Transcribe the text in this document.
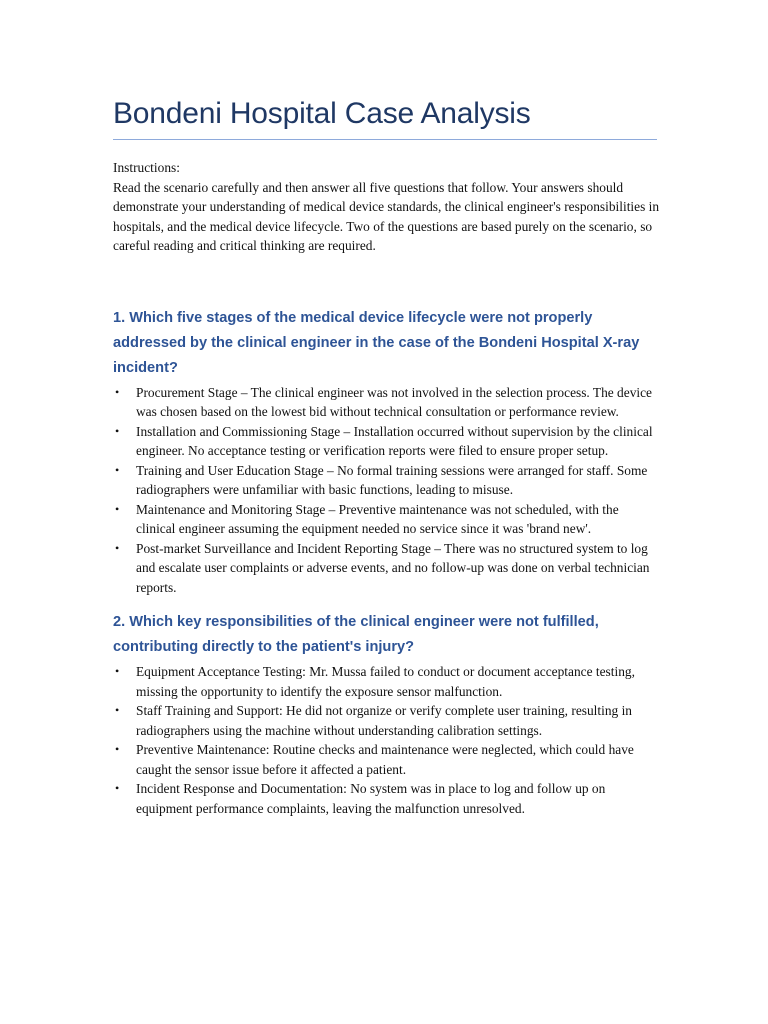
Bondeni Hospital Case Analysis

Instructions:

Read the scenario carefully and then answer all five questions that follow. Your answers should demonstrate your understanding of medical device standards, the clinical engineer's responsibilities in hospitals, and the medical device lifecycle. Two of the questions are based purely on the scenario, so careful reading and critical thinking are required.

1. Which five stages of the medical device lifecycle were not properly addressed by the clinical engineer in the case of the Bondeni Hospital X-ray incident?
• Procurement Stage – The clinical engineer was not involved in the selection process. The device was chosen based on the lowest bid without technical consultation or performance review.
• Installation and Commissioning Stage – Installation occurred without supervision by the clinical engineer. No acceptance testing or verification reports were filed to ensure proper setup.
• Training and User Education Stage – No formal training sessions were arranged for staff. Some radiographers were unfamiliar with basic functions, leading to misuse.
• Maintenance and Monitoring Stage – Preventive maintenance was not scheduled, with the clinical engineer assuming the equipment needed no service since it was 'brand new'.
• Post-market Surveillance and Incident Reporting Stage – There was no structured system to log and escalate user complaints or adverse events, and no follow-up was done on verbal technician reports.
2. Which key responsibilities of the clinical engineer were not fulfilled, contributing directly to the patient's injury?
• Equipment Acceptance Testing: Mr. Mussa failed to conduct or document acceptance testing, missing the opportunity to identify the exposure sensor malfunction.
• Staff Training and Support: He did not organize or verify complete user training, resulting in radiographers using the machine without understanding calibration settings.
• Preventive Maintenance: Routine checks and maintenance were neglected, which could have caught the sensor issue before it affected a patient.
• Incident Response and Documentation: No system was in place to log and follow up on equipment performance complaints, leaving the malfunction unresolved.
